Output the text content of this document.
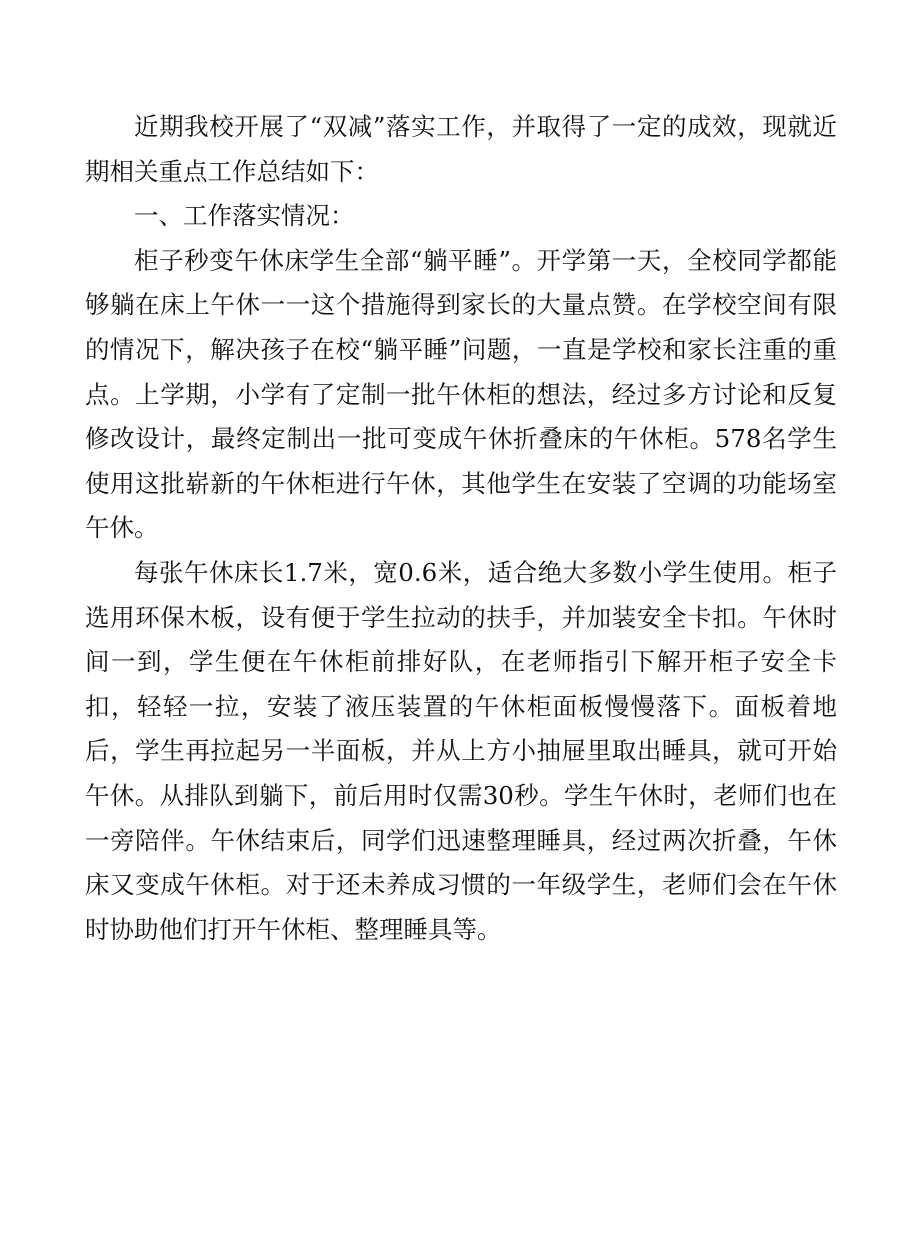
近期我校开展了“双减”落实工作，并取得了一定的成效，现就近期相关重点工作总结如下：

一、工作落实情况：

柜子秒变午休床学生全部“躺平睡”。开学第一天，全校同学都能够躺在床上午休一一这个措施得到家长的大量点赞。在学校空间有限的情况下，解决孩子在校“躺平睡”问题，一直是学校和家长注重的重点。上学期，小学有了定制一批午休柜的想法，经过多方讨论和反复修改设计，最终定制出一批可变成午休折叠床的午休柜。578名学生使用这批崭新的午休柜进行午休，其他学生在安装了空调的功能场室午休。

每张午休床长1.7米，宽0.6米，适合绝大多数小学生使用。柜子选用环保木板，设有便于学生拉动的扶手，并加装安全卡扣。午休时间一到，学生便在午休柜前排好队，在老师指引下解开柜子安全卡扣，轻轻一拉，安装了液压装置的午休柜面板慢慢落下。面板着地后，学生再拉起另一半面板，并从上方小抽屉里取出睡具，就可开始午休。从排队到躺下，前后用时仅需30秒。学生午休时，老师们也在一旁陪伴。午休结束后，同学们迅速整理睡具，经过两次折叠，午休床又变成午休柜。对于还未养成习惯的一年级学生，老师们会在午休时协助他们打开午休柜、整理睡具等。
